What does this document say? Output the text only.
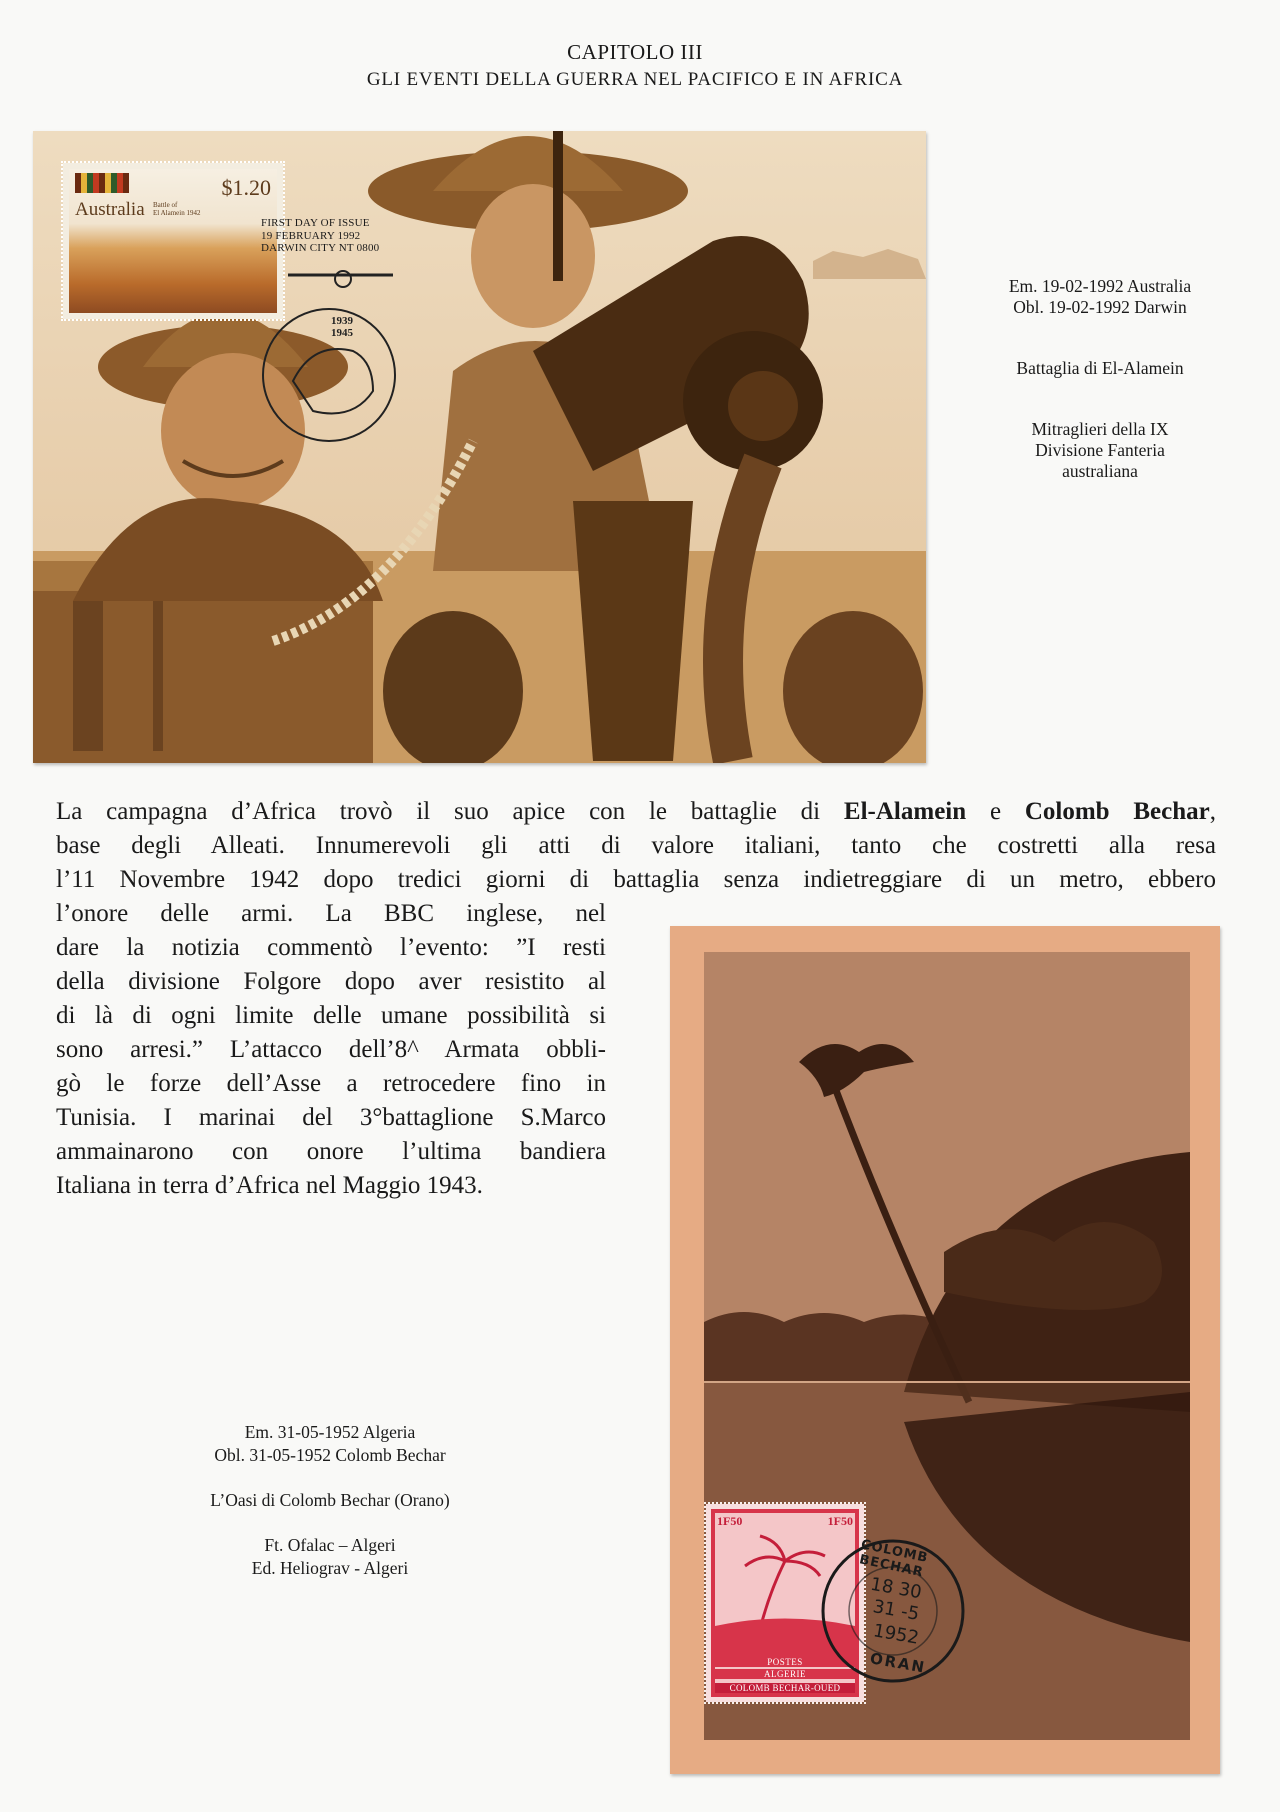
CAPITOLO III
GLI EVENTI DELLA GUERRA NEL PACIFICO E IN AFRICA
Australia Battle of
El Alamein 1942
$1.20
FIRST DAY OF ISSUE
19 FEBRUARY 1992
DARWIN CITY NT 0800
1939
1945
Em. 19-02-1992 Australia
Obl. 19-02-1992 Darwin
Battaglia di El-Alamein
Mitraglieri della IX
Divisione Fanteria
australiana
La campagna d’Africa trovò il suo apice con le battaglie di El-Alamein e Colomb Bechar,
base degli Alleati. Innumerevoli gli atti di valore italiani, tanto che costretti alla resa
l’11 Novembre 1942 dopo tredici giorni di battaglia senza indietreggiare di un metro, ebbero
l’onore delle armi. La BBC inglese, nel
dare la notizia commentò l’evento: ”I resti
della divisione Folgore dopo aver resistito al
di là di ogni limite delle umane possibilità si
sono arresi.” L’attacco dell’8^ Armata obbli-
gò le forze dell’Asse a retrocedere fino in
Tunisia. I marinai del 3°battaglione S.Marco
ammainarono con onore l’ultima bandiera
Italiana in terra d’Africa nel Maggio 1943.
1F50	1F50
POSTES
ALGERIE
COLOMB BECHAR-OUED
COLOMB BECHAR
18 30
31 -5
1952
ORAN
Em. 31-05-1952 Algeria
Obl. 31-05-1952 Colomb Bechar
L’Oasi di Colomb Bechar (Orano)
Ft. Ofalac – Algeri
Ed. Heliograv - Algeri
